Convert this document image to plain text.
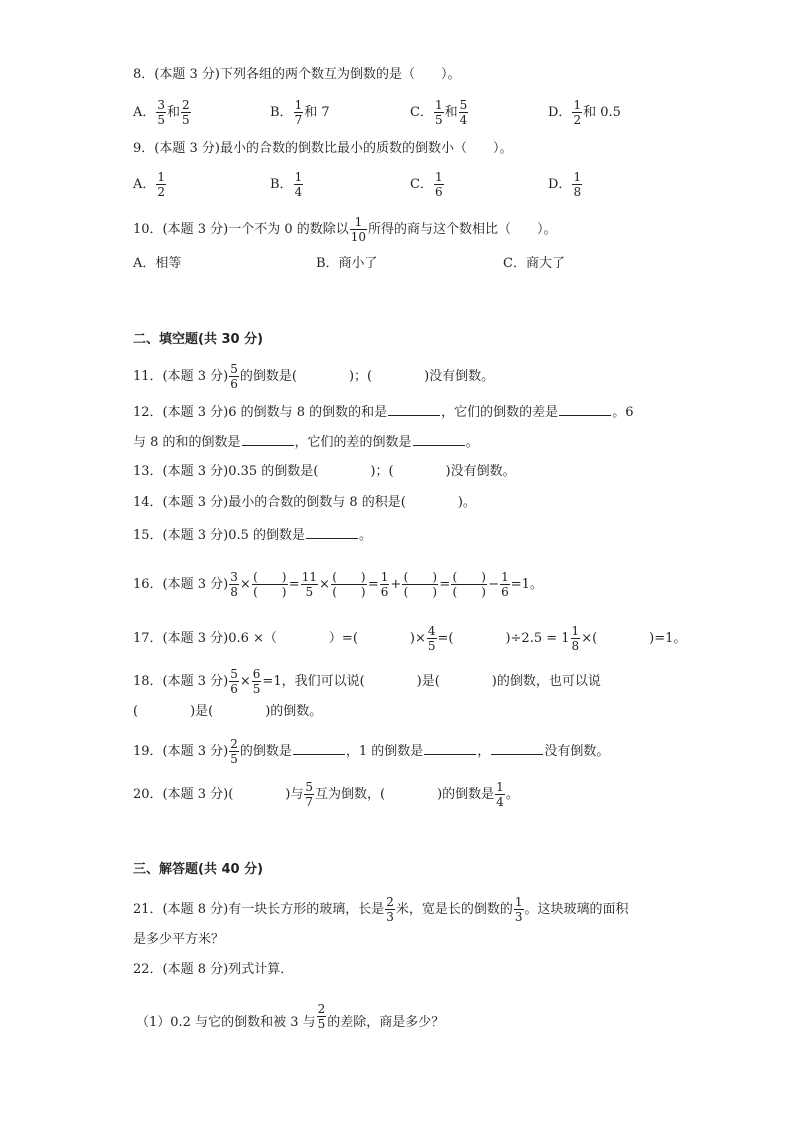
8．(本题 3 分)下列各组的两个数互为倒数的是（　　）。
A． $\frac{3}{5}$ 和 $\frac{2}{5}$	B． $\frac{1}{7}$ 和 7	C． $\frac{1}{5}$ 和 $\frac{5}{4}$	D． $\frac{1}{2}$ 和 0.5
9．(本题 3 分)最小的合数的倒数比最小的质数的倒数小（　　）。
A． $\frac{1}{2}$	B． $\frac{1}{4}$	C． $\frac{1}{6}$	D． $\frac{1}{8}$
10．(本题 3 分)一个不为 0 的数除以 $\frac{1}{10}$ 所得的商与这个数相比（　　）。
A．相等	B．商小了	C．商大了
二、填空题(共 30 分)
11．(本题 3 分) $\frac{5}{6}$ 的倒数是(　　　　)；(　　　　)没有倒数。
12．(本题 3 分)6 的倒数与 8 的倒数的和是	，它们的倒数的差是	。6
与 8 的和的倒数是	，它们的差的倒数是	。
13．(本题 3 分)0.35 的倒数是(　　　　)；(　　　　)没有倒数。
14．(本题 3 分)最小的合数的倒数与 8 的积是(　　　　)。
15．(本题 3 分)0.5 的倒数是	。
16．(本题 3 分) $\frac{3}{8}$ × (　　)
(　　) = $\frac{11}{5}$ × (　　)
(　　) = $\frac{1}{6}$ + (　　)
(　　) = (　　)
(　　) − $\frac{1}{6} =1$。
17．(本题 3 分)0.6 ×（　　　　）=(　　　　)× $\frac{4}{5}$ =(　　　　)$\div 2.5 = 1 \frac{1}{8}$ ×(　　　　)=1。
18．(本题 3 分) $\frac{5}{6} \times \frac{6}{5} =1$，我们可以说(　　　　)是(　　　　)的倒数，也可以说
(　　　　)是(　　　　)的倒数。
19．(本题 3 分) $\frac{2}{5}$ 的倒数是	，1 的倒数是	，	没有倒数。
20．(本题 3 分)(　　　　)与 $\frac{5}{7}$ 互为倒数，(　　　　)的倒数是 $\frac{1}{4}$ 。
三、解答题(共 40 分)
21．(本题 8 分)有一块长方形的玻璃，长是 $\frac{2}{3}$ 米，宽是长的倒数的 $\frac{1}{3}$ 。这块玻璃的面积
是多少平方米？
22．(本题 8 分)列式计算．
（1）0.2 与它的倒数和被 3 与 $\frac{2}{5}$ 的差除，商是多少？
